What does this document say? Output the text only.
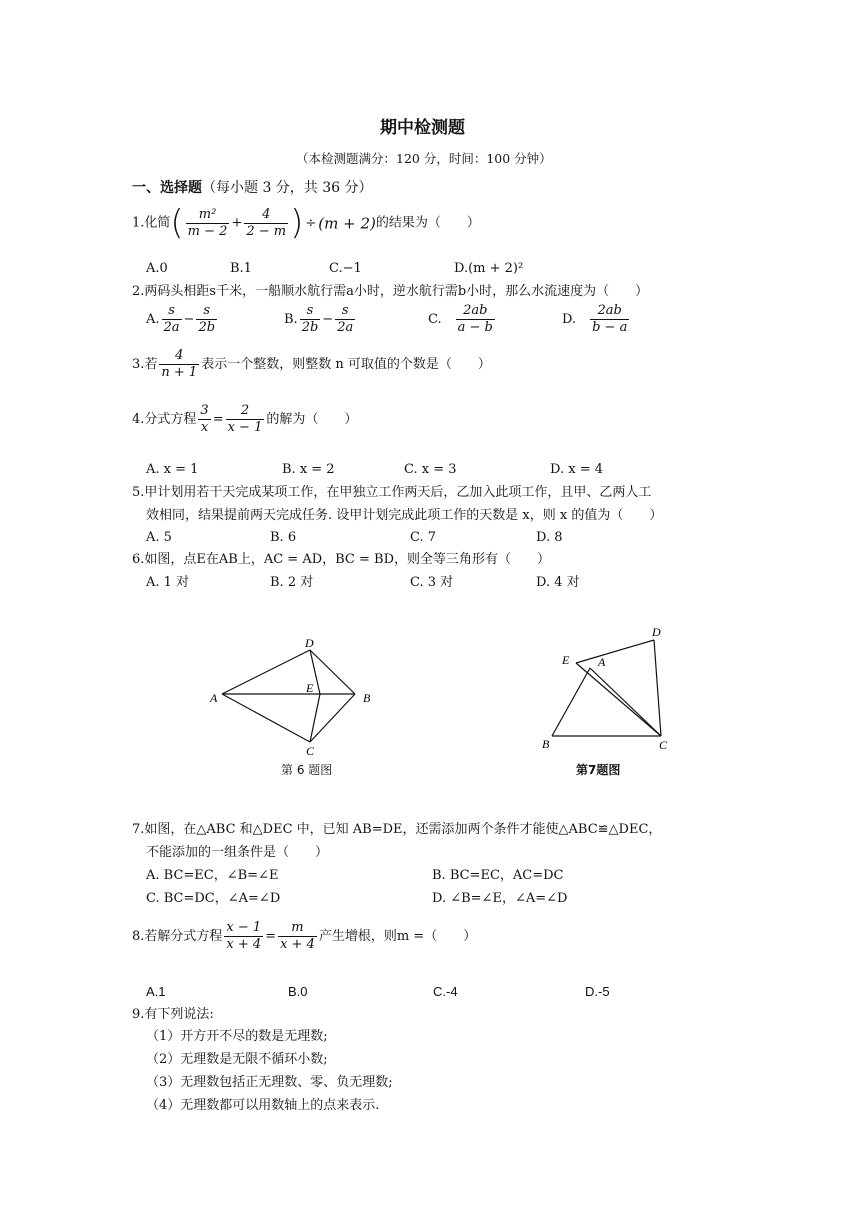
期中检测题
（本检测题满分：120 分，时间：100 分钟）
一、选择题（每小题 3 分，共 36 分）
1.化简( $\frac{\text{m²}}{m - 2} + \frac{4}{2 - m}$ ) ÷ (m + 2)的结果为（　　）
A.0	B.1	C.−1	D.(m + 2)²
2.两码头相距s千米，一船顺水航行需a小时，逆水航行需b小时，那么水流速度为（　　）
A. $\frac{s}{2a} - \frac{s}{2b}$	B. $\frac{s}{2b} - \frac{s}{2a}$	C. $\frac{2ab}{a - b}$	D. $\frac{2ab}{b - a}$
3.若 $\frac{4}{n + 1}$ 表示一个整数，则整数 n 可取值的个数是（　　）
4.分式方程 $\frac{3}{x} = \frac{2}{x - 1}$ 的解为（　　）
A. x = 1	B. x = 2	C. x = 3	D. x = 4
5.甲计划用若干天完成某项工作，在甲独立工作两天后，乙加入此项工作，且甲、乙两人工
效相同，结果提前两天完成任务. 设甲计划完成此项工作的天数是 x，则 x 的值为（　　）
A. 5	B. 6	C. 7	D. 8
6.如图，点E在AB上，AC = AD，BC = BD，则全等三角形有（　　）
A. 1 对	B. 2 对	C. 3 对	D. 4 对
D
A
E
B
C
第 6 题图
D
E A
B	C
第7题图
7.如图，在△ABC 和△DEC 中，已知 AB=DE，还需添加两个条件才能使△ABC≌△DEC，
不能添加的一组条件是（　　）
A. BC=EC，∠B=∠E	B. BC=EC，AC=DC
C. BC=DC，∠A=∠D	D. ∠B=∠E，∠A=∠D
8.若解分式方程 $\frac{x - 1}{x + 4} = \frac{m}{x + 4}$ 产生增根，则m =（　　）
A.1	B.0	C.-4	D.-5
9.有下列说法:
（1）开方开不尽的数是无理数;
（2）无理数是无限不循环小数;
（3）无理数包括正无理数、零、负无理数;
（4）无理数都可以用数轴上的点来表示.
